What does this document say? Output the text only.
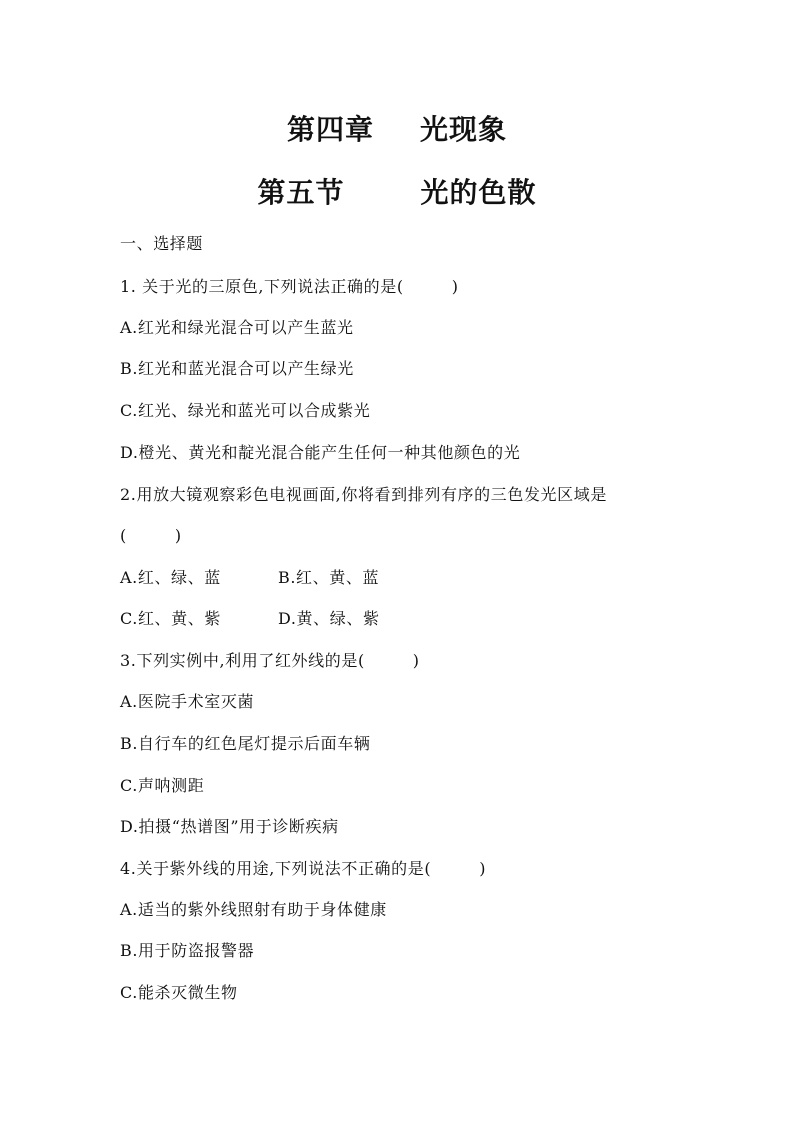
第四章 光现象
第五节	光的色散
一、选择题
1. 关于光的三原色,下列说法正确的是(	)
A.红光和绿光混合可以产生蓝光
B.红光和蓝光混合可以产生绿光
C.红光、绿光和蓝光可以合成紫光
D.橙光、黄光和靛光混合能产生任何一种其他颜色的光
2.用放大镜观察彩色电视画面,你将看到排列有序的三色发光区域是
(	)
A.红、绿、蓝	B.红、黄、蓝
C.红、黄、紫	D.黄、绿、紫
3.下列实例中,利用了红外线的是(	)
A.医院手术室灭菌
B.自行车的红色尾灯提示后面车辆
C.声呐测距
D.拍摄“热谱图”用于诊断疾病
4.关于紫外线的用途,下列说法不正确的是(	)
A.适当的紫外线照射有助于身体健康
B.用于防盗报警器
C.能杀灭微生物
